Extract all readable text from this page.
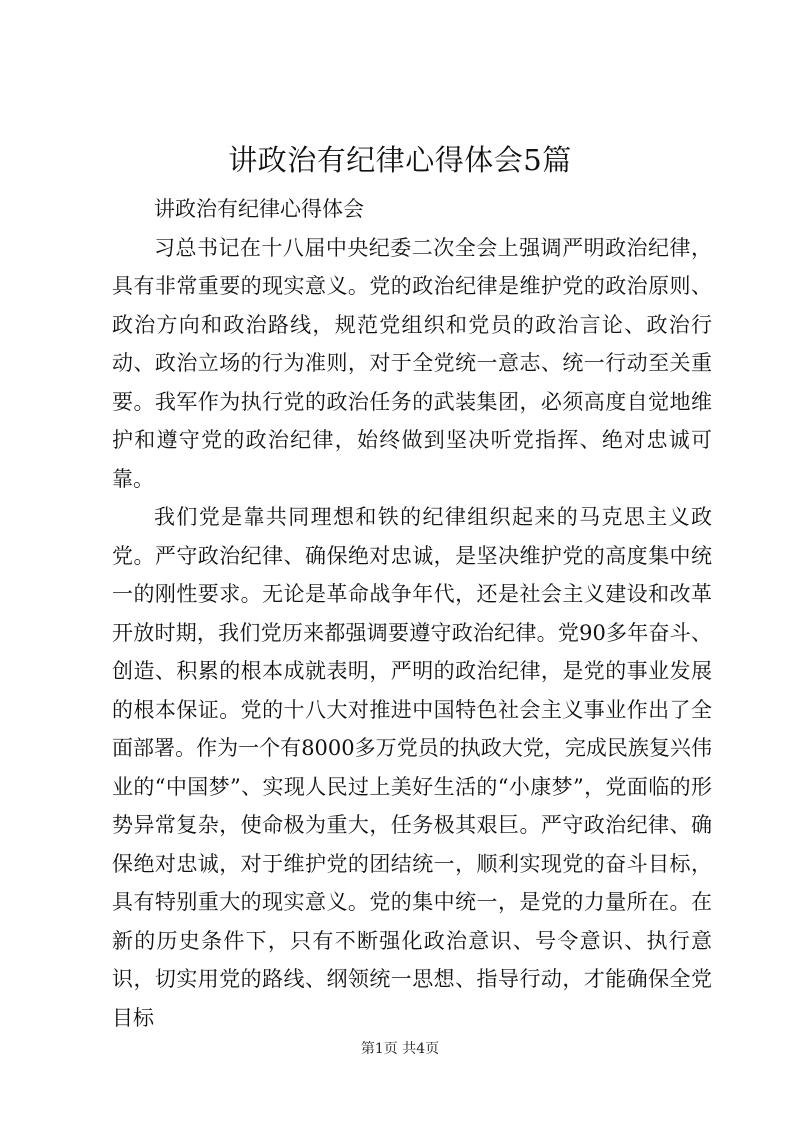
讲政治有纪律心得体会5篇

讲政治有纪律心得体会

习总书记在十八届中央纪委二次全会上强调严明政治纪律，具有非常重要的现实意义。党的政治纪律是维护党的政治原则、政治方向和政治路线，规范党组织和党员的政治言论、政治行动、政治立场的行为准则，对于全党统一意志、统一行动至关重要。我军作为执行党的政治任务的武装集团，必须高度自觉地维护和遵守党的政治纪律，始终做到坚决听党指挥、绝对忠诚可靠。

我们党是靠共同理想和铁的纪律组织起来的马克思主义政党。严守政治纪律、确保绝对忠诚，是坚决维护党的高度集中统一的刚性要求。无论是革命战争年代，还是社会主义建设和改革开放时期，我们党历来都强调要遵守政治纪律。党90多年奋斗、创造、积累的根本成就表明，严明的政治纪律，是党的事业发展的根本保证。党的十八大对推进中国特色社会主义事业作出了全面部署。作为一个有8000多万党员的执政大党，完成民族复兴伟业的“中国梦”、实现人民过上美好生活的“小康梦”，党面临的形势异常复杂，使命极为重大，任务极其艰巨。严守政治纪律、确保绝对忠诚，对于维护党的团结统一，顺利实现党的奋斗目标，具有特别重大的现实意义。党的集中统一，是党的力量所在。在新的历史条件下，只有不断强化政治意识、号令意识、执行意识，切实用党的路线、纲领统一思想、指导行动，才能确保全党目标

第1页 共4页
